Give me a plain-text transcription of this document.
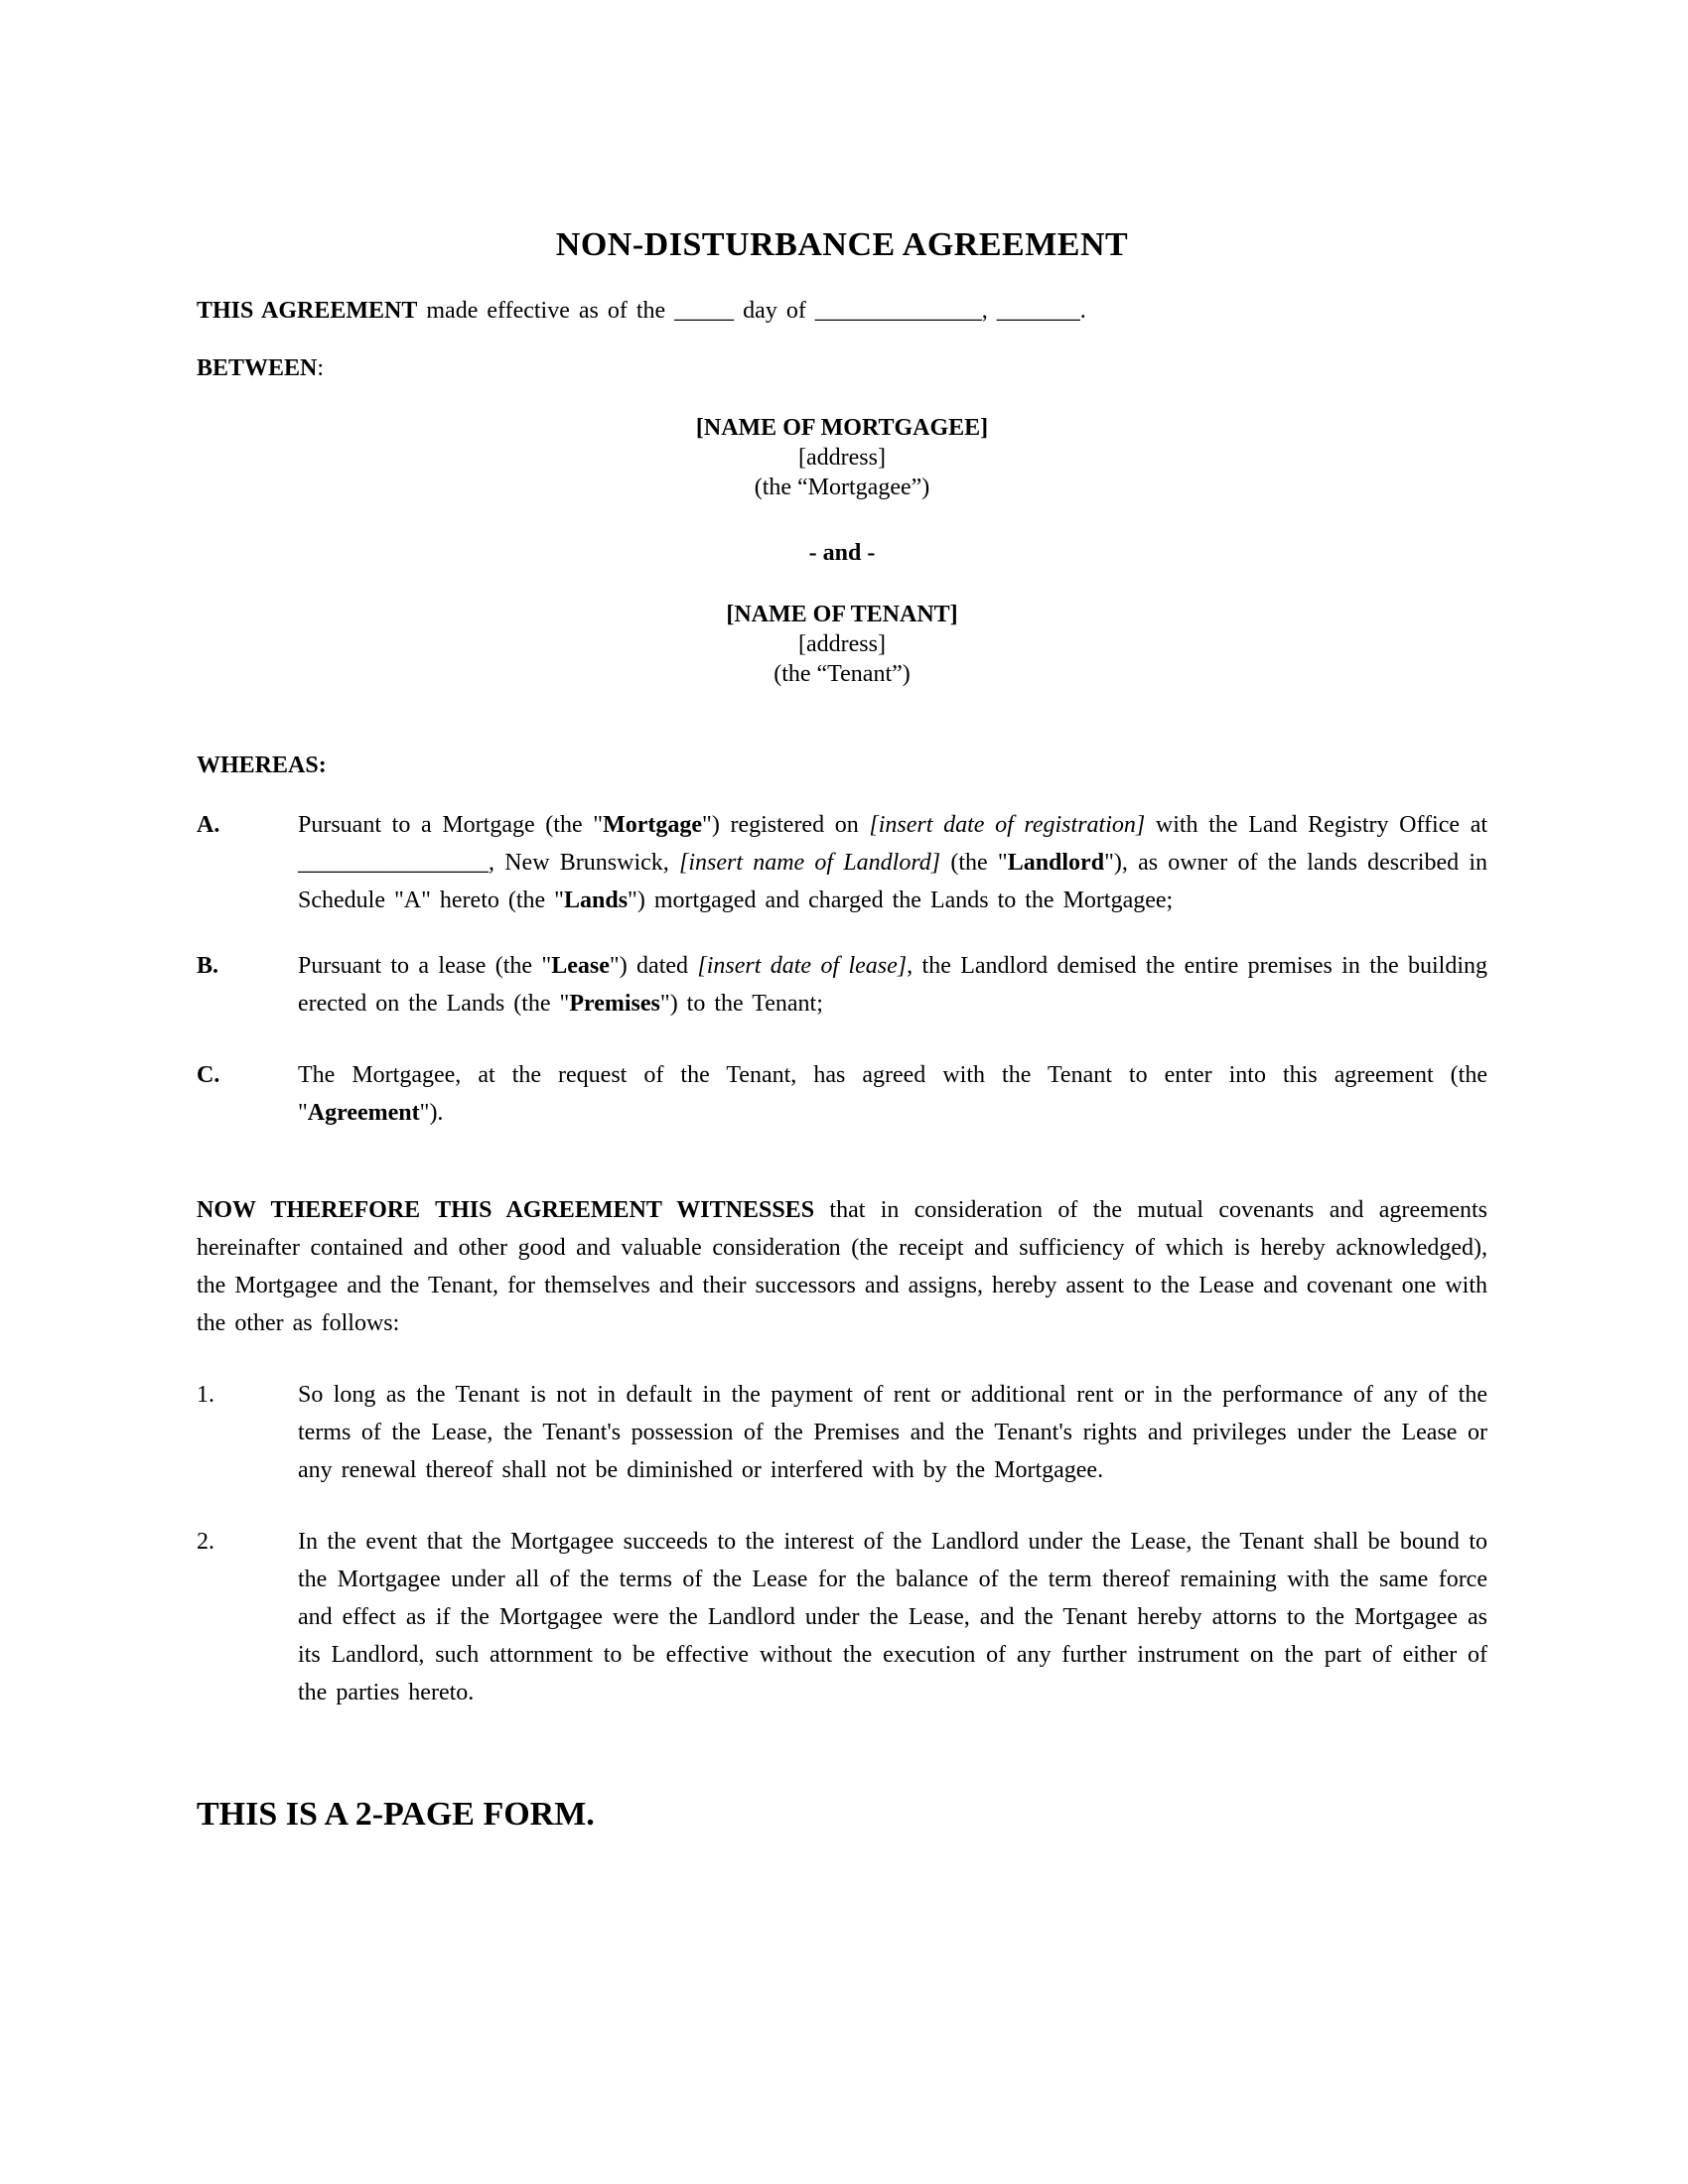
NON-DISTURBANCE AGREEMENT

THIS AGREEMENT made effective as of the _____ day of ______________, _______.

BETWEEN:

[NAME OF MORTGAGEE]
[address]
(the “Mortgagee”)
- and -
[NAME OF TENANT]
[address]
(the “Tenant”)

WHEREAS:

A.	Pursuant to a Mortgage (the "Mortgage") registered on [insert date of registration] with the Land Registry Office at ________________, New Brunswick, [insert name of Landlord] (the "Landlord"), as owner of the lands described in Schedule "A" hereto (the "Lands") mortgaged and charged the Lands to the Mortgagee;
B.	Pursuant to a lease (the "Lease") dated [insert date of lease], the Landlord demised the entire premises in the building erected on the Lands (the "Premises") to the Tenant;
C.	The Mortgagee, at the request of the Tenant, has agreed with the Tenant to enter into this agreement (the "Agreement").

NOW THEREFORE THIS AGREEMENT WITNESSES that in consideration of the mutual covenants and agreements hereinafter contained and other good and valuable consideration (the receipt and sufficiency of which is hereby acknowledged), the Mortgagee and the Tenant, for themselves and their successors and assigns, hereby assent to the Lease and covenant one with the other as follows:

1.	So long as the Tenant is not in default in the payment of rent or additional rent or in the performance of any of the terms of the Lease, the Tenant's possession of the Premises and the Tenant's rights and privileges under the Lease or any renewal thereof shall not be diminished or interfered with by the Mortgagee.
2.	In the event that the Mortgagee succeeds to the interest of the Landlord under the Lease, the Tenant shall be bound to the Mortgagee under all of the terms of the Lease for the balance of the term thereof remaining with the same force and effect as if the Mortgagee were the Landlord under the Lease, and the Tenant hereby attorns to the Mortgagee as its Landlord, such attornment to be effective without the execution of any further instrument on the part of either of the parties hereto.

THIS IS A 2-PAGE FORM.
